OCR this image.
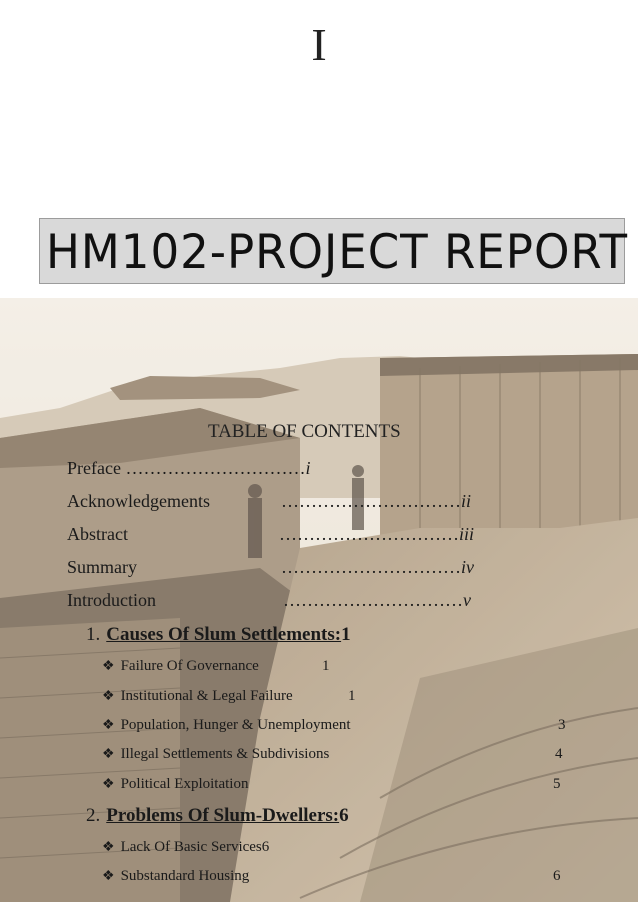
I
HM102-PROJECT REPORT
TABLE OF CONTENTS
Preface …………………………i
Acknowledgements	…………………………ii
Abstract	…………………………iii
Summary	…………………………iv
Introduction	…………………………v
1. Causes Of Slum Settlements:1
❖ Failure Of Governance	1
❖ Institutional & Legal Failure	1
❖ Population, Hunger & Unemployment	3
❖ Illegal Settlements & Subdivisions	4
❖ Political Exploitation	5
2. Problems Of Slum-Dwellers:6
❖ Lack Of Basic Services6
❖ Substandard Housing	6
